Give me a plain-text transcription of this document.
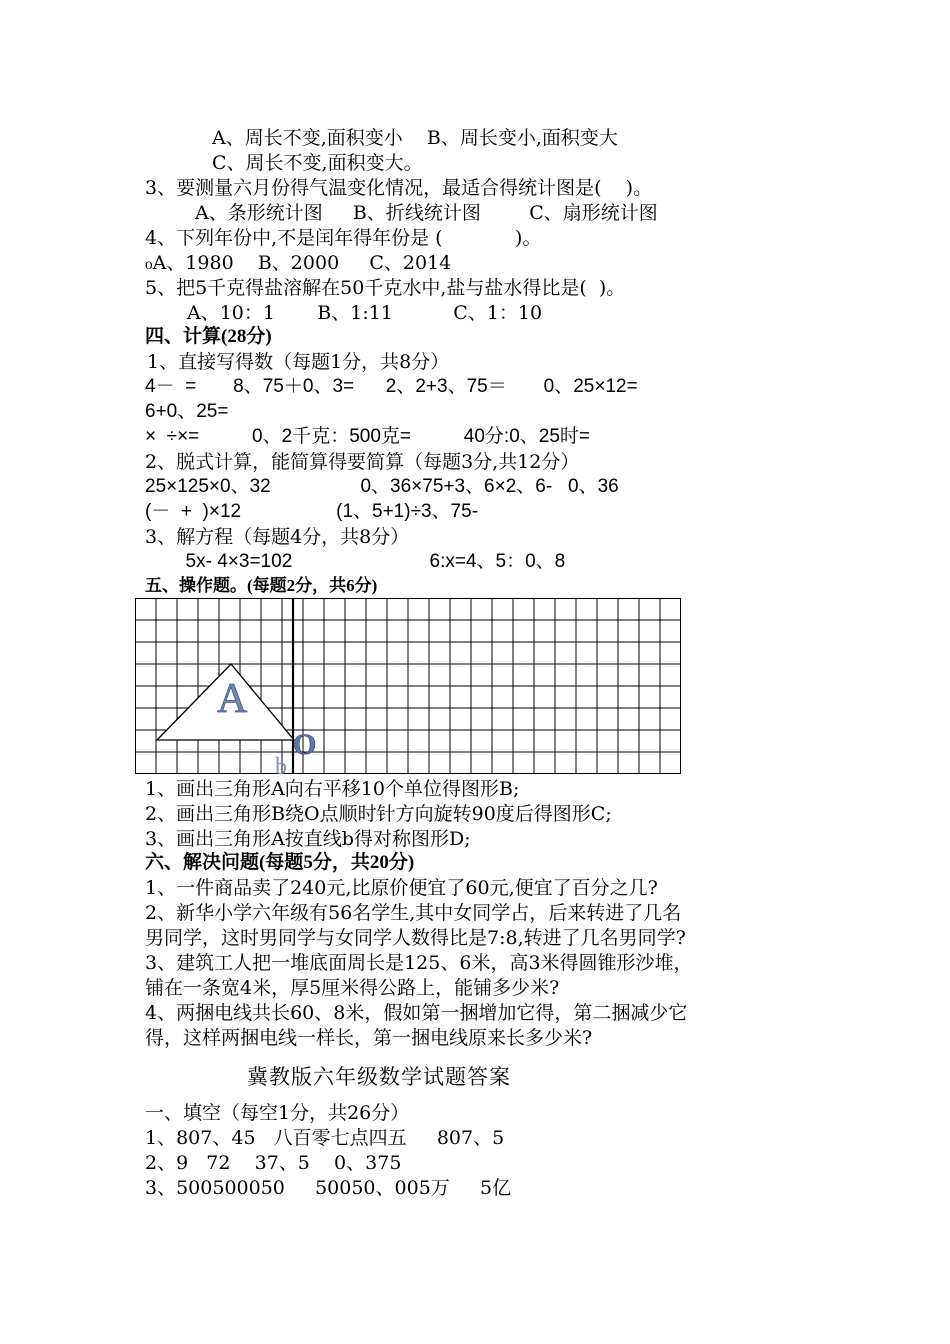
A、周长不变,面积变小    B、周长变小,面积变大
C、周长不变,面积变大。
3、要测量六月份得气温变化情况，最适合得统计图是(    )。
A、条形统计图     B、折线统计图        C、扇形统计图
4、下列年份中,不是闰年得年份是 (            )。
₀A、1980    B、2000     C、2014
5、把5千克得盐溶解在50千克水中,盐与盐水得比是(  )。
A、10：1       B、1:11          C、1：10
四、计算(28分)
1、直接写得数（每题1分，共8分）
4－  =       8、75＋0、3=      2、2+3、75＝       0、25×12=
6+0、25=
×  ÷×=          0、2千克：500克=          40分:0、25时=
2、脱式计算，能简算得要简算（每题3分,共12分）
25×125×0、32                 0、36×75+3、6×2、6-   0、36
(－  +  )×12                  (1、5+1)÷3、75-
3、解方程（每题4分，共8分）
5x- 4×3=102                          6:x=4、5：0、8
五、操作题。(每题2分，共6分)
A
b
O
1、画出三角形A向右平移10个单位得图形B;
2、画出三角形B绕O点顺时针方向旋转90度后得图形C;
3、画出三角形A按直线b得对称图形D;
六、解决问题(每题5分，共20分)
1、一件商品卖了240元,比原价便宜了60元,便宜了百分之几?
2、新华小学六年级有56名学生,其中女同学占，后来转进了几名
男同学，这时男同学与女同学人数得比是7:8,转进了几名男同学?
3、建筑工人把一堆底面周长是125、6米，高3米得圆锥形沙堆，
铺在一条宽4米，厚5厘米得公路上，能铺多少米?
4、两捆电线共长60、8米，假如第一捆增加它得，第二捆减少它
得，这样两捆电线一样长，第一捆电线原来长多少米?
冀教版六年级数学试题答案
一、填空（每空1分，共26分）
1、807、45   八百零七点四五     807、5
2、9   72    37、5    0、375
3、500500050     50050、005万     5亿
